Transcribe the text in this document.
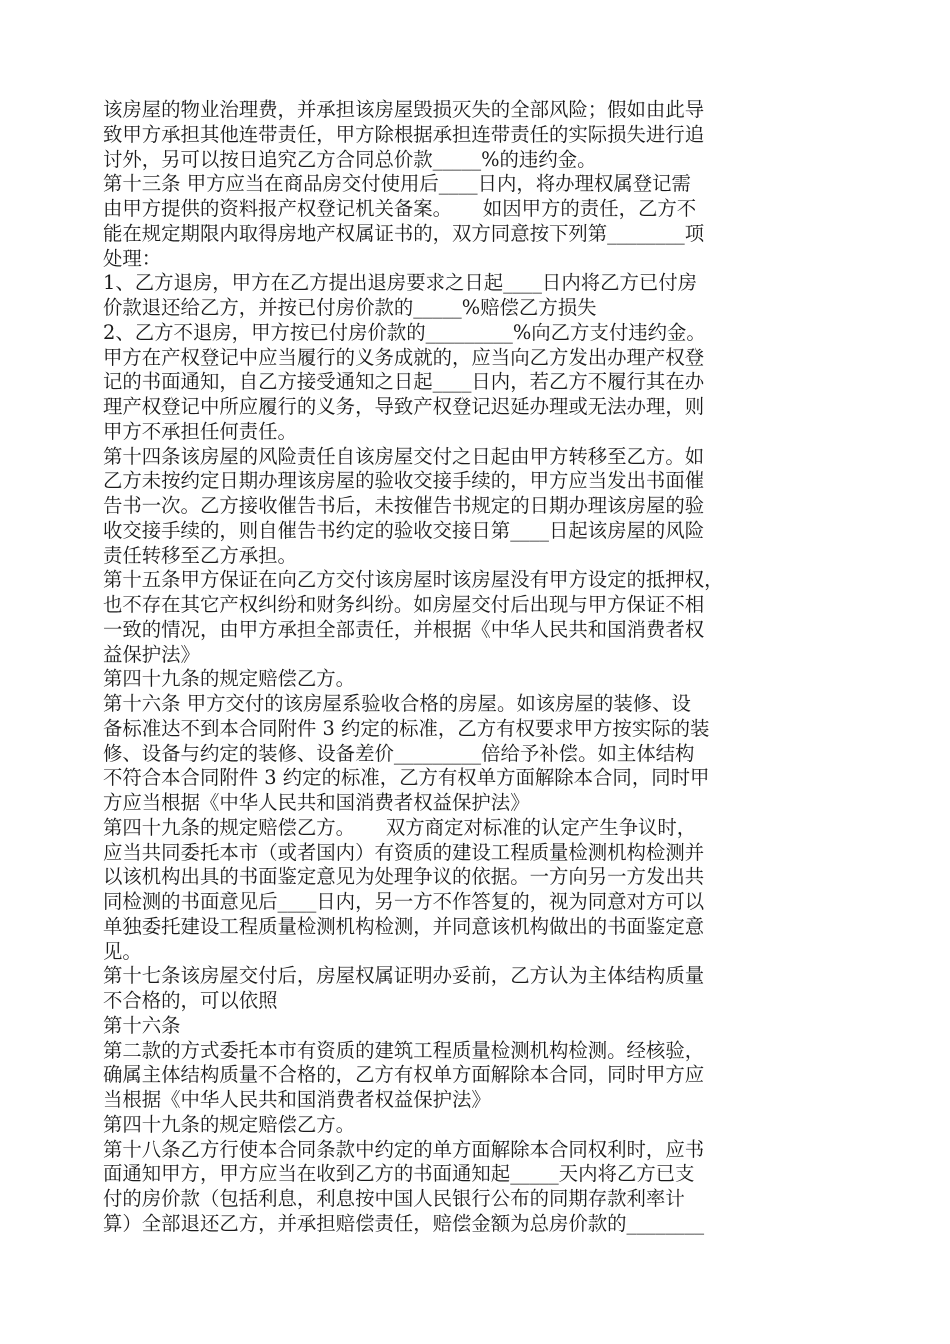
该房屋的物业治理费，并承担该房屋毁损灭失的全部风险；假如由此导
致甲方承担其他连带责任，甲方除根据承担连带责任的实际损失进行追
讨外，另可以按日追究乙方合同总价款_____%的违约金。
第十三条 甲方应当在商品房交付使用后____日内，将办理权属登记需
由甲方提供的资料报产权登记机关备案。     如因甲方的责任，乙方不
能在规定期限内取得房地产权属证书的，双方同意按下列第________项
处理：
1、乙方退房，甲方在乙方提出退房要求之日起____日内将乙方已付房
价款退还给乙方，并按已付房价款的_____%赔偿乙方损失
2、乙方不退房，甲方按已付房价款的_________%向乙方支付违约金。
甲方在产权登记中应当履行的义务成就的，应当向乙方发出办理产权登
记的书面通知，自乙方接受通知之日起____日内，若乙方不履行其在办
理产权登记中所应履行的义务，导致产权登记迟延办理或无法办理，则
甲方不承担任何责任。
第十四条该房屋的风险责任自该房屋交付之日起由甲方转移至乙方。如
乙方未按约定日期办理该房屋的验收交接手续的，甲方应当发出书面催
告书一次。乙方接收催告书后，未按催告书规定的日期办理该房屋的验
收交接手续的，则自催告书约定的验收交接日第____日起该房屋的风险
责任转移至乙方承担。
第十五条甲方保证在向乙方交付该房屋时该房屋没有甲方设定的抵押权，
也不存在其它产权纠纷和财务纠纷。如房屋交付后出现与甲方保证不相
一致的情况，由甲方承担全部责任，并根据《中华人民共和国消费者权
益保护法》
第四十九条的规定赔偿乙方。
第十六条 甲方交付的该房屋系验收合格的房屋。如该房屋的装修、设
备标准达不到本合同附件 3 约定的标准，乙方有权要求甲方按实际的装
修、设备与约定的装修、设备差价_________倍给予补偿。如主体结构
不符合本合同附件 3 约定的标准，乙方有权单方面解除本合同，同时甲
方应当根据《中华人民共和国消费者权益保护法》
第四十九条的规定赔偿乙方。     双方商定对标准的认定产生争议时，
应当共同委托本市（或者国内）有资质的建设工程质量检测机构检测并
以该机构出具的书面鉴定意见为处理争议的依据。一方向另一方发出共
同检测的书面意见后____日内，另一方不作答复的，视为同意对方可以
单独委托建设工程质量检测机构检测，并同意该机构做出的书面鉴定意
见。
第十七条该房屋交付后，房屋权属证明办妥前，乙方认为主体结构质量
不合格的，可以依照
第十六条
第二款的方式委托本市有资质的建筑工程质量检测机构检测。经核验，
确属主体结构质量不合格的，乙方有权单方面解除本合同，同时甲方应
当根据《中华人民共和国消费者权益保护法》
第四十九条的规定赔偿乙方。
第十八条乙方行使本合同条款中约定的单方面解除本合同权利时，应书
面通知甲方，甲方应当在收到乙方的书面通知起_____天内将乙方已支
付的房价款（包括利息，利息按中国人民银行公布的同期存款利率计
算）全部退还乙方，并承担赔偿责任，赔偿金额为总房价款的________
